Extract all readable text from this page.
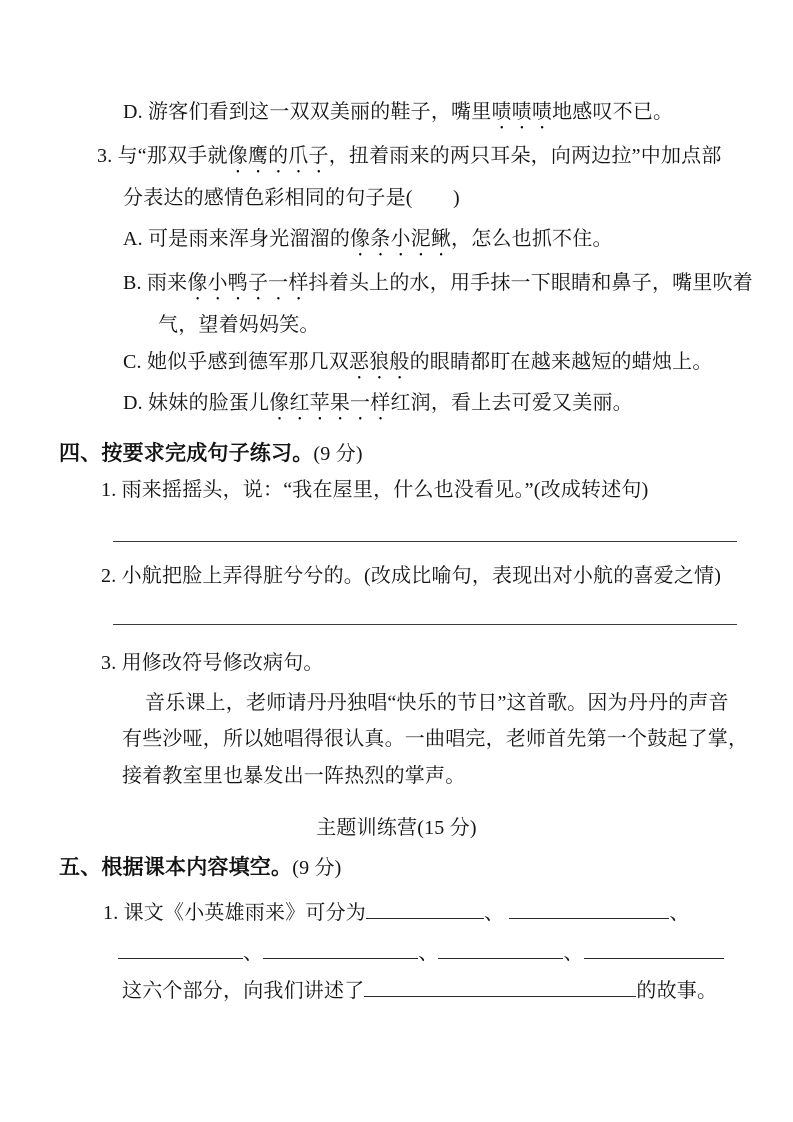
D. 游客们看到这一双双美丽的鞋子，嘴里啧啧啧地感叹不已。
3. 与“那双手就像鹰的爪子，扭着雨来的两只耳朵，向两边拉”中加点部
分表达的感情色彩相同的句子是(　　)
A. 可是雨来浑身光溜溜的像条小泥鳅，怎么也抓不住。
B. 雨来像小鸭子一样抖着头上的水，用手抹一下眼睛和鼻子，嘴里吹着
气，望着妈妈笑。
C. 她似乎感到德军那几双恶狼般的眼睛都盯在越来越短的蜡烛上。
D. 妹妹的脸蛋儿像红苹果一样红润，看上去可爱又美丽。
四、按要求完成句子练习。(9 分)
1. 雨来摇摇头，说：“我在屋里，什么也没看见。”(改成转述句)
2. 小航把脸上弄得脏兮兮的。(改成比喻句，表现出对小航的喜爱之情)
3. 用修改符号修改病句。
音乐课上，老师请丹丹独唱“快乐的节日”这首歌。因为丹丹的声音
有些沙哑，所以她唱得很认真。一曲唱完，老师首先第一个鼓起了掌，
接着教室里也暴发出一阵热烈的掌声。
主题训练营(15 分)
五、根据课本内容填空。(9 分)
1. 课文《小英雄雨来》可分为	、	、
、	、	、
这六个部分，向我们讲述了	的故事。
